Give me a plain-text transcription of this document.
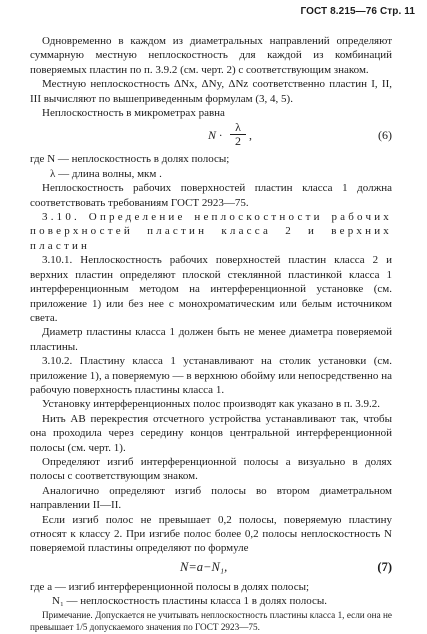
ГОСТ 8.215—76 Стр. 11

Одновременно в каждом из диаметральных направлений определяют суммарную местную неплоскостность для каждой из комбинаций поверяемых пластин по п. 3.9.2 (см. черт. 2) с соответствующим знаком.

Местную неплоскостность ΔNx, ΔNy, ΔNz соответственно пластин I, II, III вычисляют по вышеприведенным формулам (3, 4, 5).

Неплоскостность в микрометрах равна

$N \cdot \frac{\lambda}{2}$ ,	(6)

где N — неплоскостность в долях полосы;

λ — длина волны, мкм .

Неплоскостность рабочих поверхностей пластин класса 1 должна соответствовать требованиям ГОСТ 2923—75.

3.10. Определение неплоскостности рабочих поверхностей пластин класса 2 и верхних пластин

3.10.1. Неплоскостность рабочих поверхностей пластин класса 2 и верхних пластин определяют плоской стеклянной пластинкой класса 1 интерференционным методом на интерференционной установке (см. приложение 1) или без нее с монохроматическим или белым источником света.

Диаметр пластины класса 1 должен быть не менее диаметра поверяемой пластины.

3.10.2. Пластину класса 1 устанавливают на столик установки (см. приложение 1), а поверяемую — в верхнюю обойму или непосредственно на рабочую поверхность пластины класса 1.

Установку интерференционных полос производят как указано в п. 3.9.2.

Нить АВ перекрестия отсчетного устройства устанавливают так, чтобы она проходила через середину концов центральной интерференционной полосы (см. черт. 1).

Определяют изгиб интерференционной полосы a визуально в долях полосы с соответствующим знаком.

Аналогично определяют изгиб полосы во втором диаметральном направлении II—II.

Если изгиб полос не превышает 0,2 полосы, поверяемую пластину относят к классу 2. При изгибе полос более 0,2 полосы неплоскостность N поверяемой пластины определяют по формуле

N=a−N₁,	(7)

где a — изгиб интерференционной полосы в долях полосы;

N₁ — неплоскостность пластины класса 1 в долях полосы.

Примечание. Допускается не учитывать неплоскостность пластины класса 1, если она не превышает 1/5 допускаемого значения по ГОСТ 2923—75.
